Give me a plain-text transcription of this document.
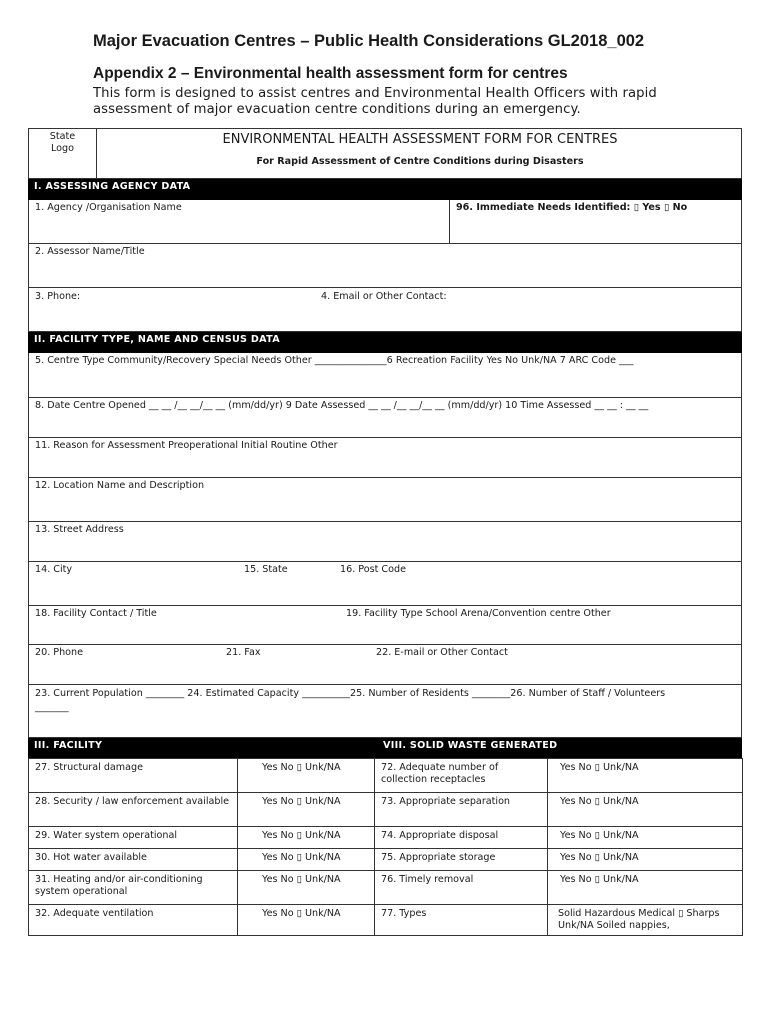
Major Evacuation Centres – Public Health Considerations GL2018_002
Appendix 2 – Environmental health assessment form for centres
This form is designed to assist centres and Environmental Health Officers with rapid assessment of major evacuation centre conditions during an emergency.
State Logo
ENVIRONMENTAL HEALTH ASSESSMENT FORM FOR CENTRES
For Rapid Assessment of Centre Conditions during Disasters
I. ASSESSING AGENCY DATA
1. Agency /Organisation Name	96. Immediate Needs Identified: ▯ Yes ▯ No
2. Assessor Name/Title
3. Phone:	4. Email or Other Contact:
II. FACILITY TYPE, NAME AND CENSUS DATA
5. Centre Type Community/Recovery Special Needs Other _______________6 Recreation Facility Yes No Unk/NA 7 ARC Code ___
8. Date Centre Opened __ __ /__ __/__ __ (mm/dd/yr) 9 Date Assessed __ __ /__ __/__ __ (mm/dd/yr) 10 Time Assessed __ __ : __ __
11. Reason for Assessment Preoperational Initial Routine Other
12. Location Name and Description
13. Street Address
14. City	15. State	16. Post Code
18. Facility Contact / Title	19. Facility Type School Arena/Convention centre Other
20. Phone	21. Fax	22. E-mail or Other Contact
23. Current Population ________ 24. Estimated Capacity __________25. Number of Residents ________26. Number of Staff / Volunteers
_______
III. FACILITY	VIII. SOLID WASTE GENERATED
27. Structural damage	Yes No ▯ Unk/NA		72. Adequate number of collection receptacles	Yes No ▯ Unk/NA
28. Security / law enforcement available	Yes No ▯ Unk/NA		73. Appropriate separation	Yes No ▯ Unk/NA
29. Water system operational	Yes No ▯ Unk/NA		74. Appropriate disposal	Yes No ▯ Unk/NA
30. Hot water available	Yes No ▯ Unk/NA		75. Appropriate storage	Yes No ▯ Unk/NA
31. Heating and/or air-conditioning system operational	Yes No ▯ Unk/NA		76. Timely removal	Yes No ▯ Unk/NA
32. Adequate ventilation	Yes No ▯ Unk/NA		77. Types	Solid Hazardous Medical ▯ Sharps Unk/NA Soiled nappies,
